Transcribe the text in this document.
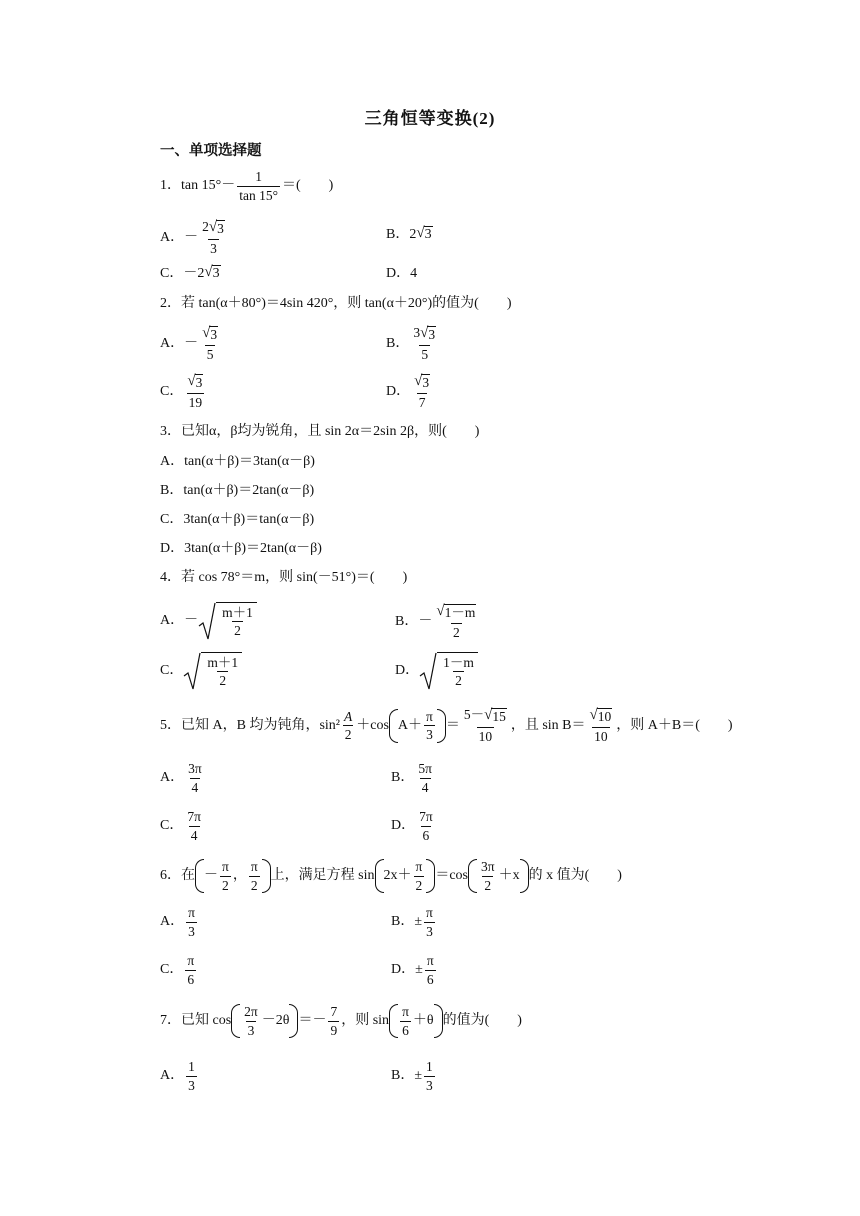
三角恒等变换(2)
一、单项选择题
1． $\tan 15^\circ- \frac{1}{\tan 15^\circ}$ ＝(　　)
A． － $\frac{2 √ 3}{3}$	B． 2 √ 3
C． －2 √ 3	D． 4
2． 若 tan(α＋80°)＝4sin 420°，则 tan(α＋20°)的值为(　　)
A． － $\frac{√ 3}{5}$	B． $\frac{3 √ 3}{5}$
C． $\frac{√ 3}{19}$	D． $\frac{√ 3}{7}$
3． 已知α，β均为锐角，且 sin 2α＝2sin 2β，则(　　)
A．tan(α＋β)＝3tan(α－β)
B．tan(α＋β)＝2tan(α－β)
C．3tan(α＋β)＝tan(α－β)
D．3tan(α＋β)＝2tan(α－β)
4． 若 cos 78°＝m，则 sin(－51°)＝(　　)
A． － $\frac{m+1}{2}$	B． － $\frac{√ 1-m}{2}$
C． $\frac{m+1}{2}$	D． $\frac{1-m}{2}$
5． 已知 A，B 均为钝角，$\sin^2 \frac{A}{2} +\cos$ $A+ \frac{\pi}{3} = \frac{5- √ 15}{10}$ ，且 $\sin B= \frac{√ 10}{10}$ ，则 A＋B＝(　　)
A． $\frac{3\pi}{4}$	B． $\frac{5\pi}{4}$
C． $\frac{7\pi}{4}$	D． $\frac{7\pi}{6}$
6． 在 － $\frac{\pi}{2}$ ， $\frac{\pi}{2}$ 上，满足方程 $\sin 2x+ \frac{\pi}{2} =\cos \frac{3\pi}{2} +x$ 的 x 值为(　　)
A． $\frac{\pi}{3}$	B． ± $\frac{\pi}{3}$
C． $\frac{\pi}{6}$	D． ± $\frac{\pi}{6}$
7． 已知 $\cos \frac{2\pi}{3} -2\theta =- \frac{7}{9}$ ，则 $\sin \frac{\pi}{6} +\theta$ 的值为(　　)
A． $\frac{1}{3}$	B． ± $\frac{1}{3}$
